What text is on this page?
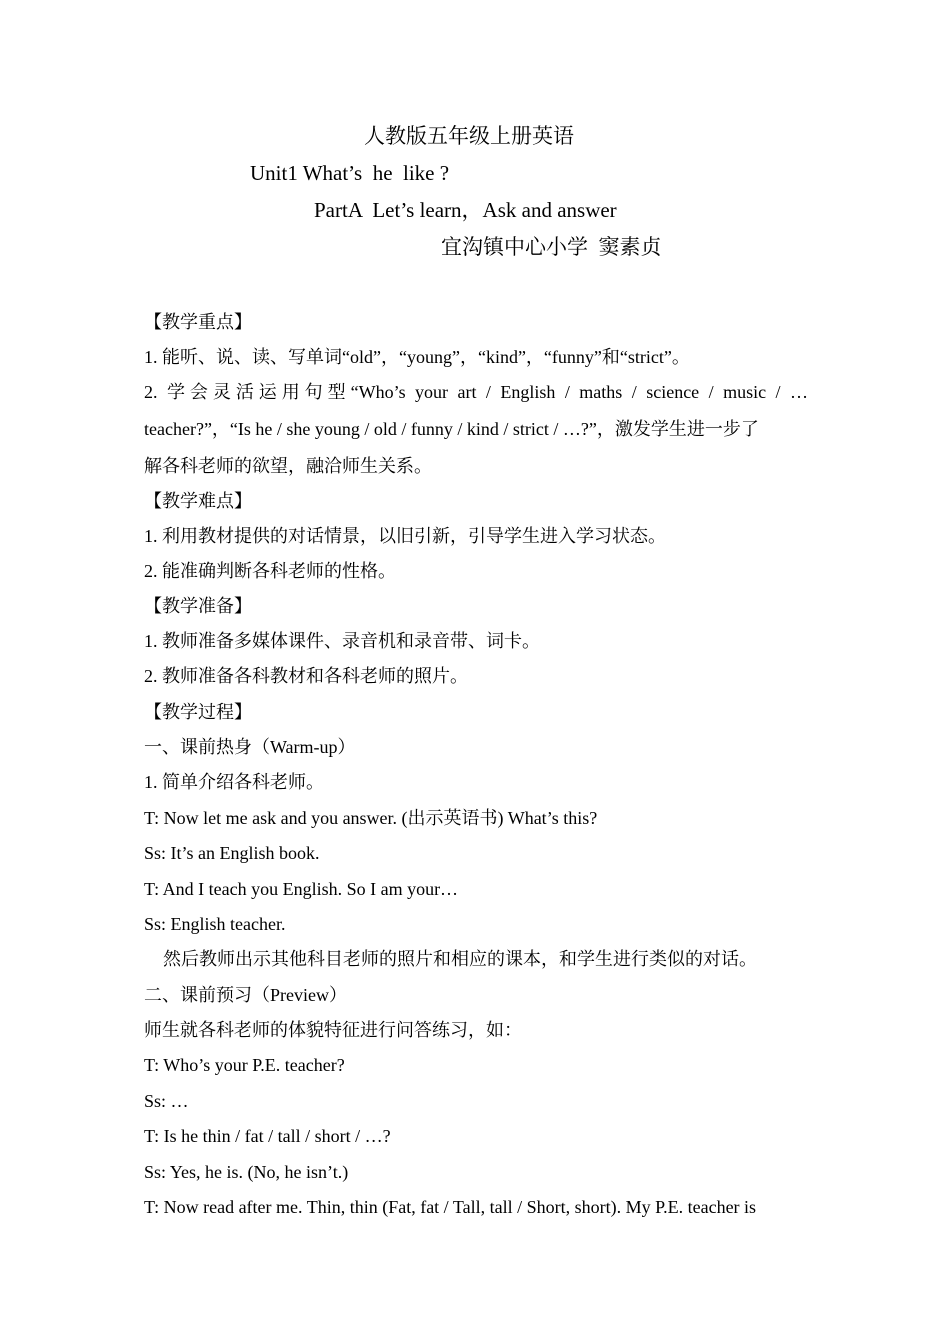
人教版五年级上册英语
Unit1 What’s  he  like ?
PartA  Let’s learn，Ask and answer
宜沟镇中心小学  窦素贞
【教学重点】
1. 能听、说、读、写单词“old”，“young”，“kind”，“funny”和“strict”。
2. 学会灵活运用句型“Who’s your art / English / maths / science / music / …
teacher?”，“Is he / she young / old / funny / kind / strict / …?”，激发学生进一步了
解各科老师的欲望，融洽师生关系。
【教学难点】
1. 利用教材提供的对话情景，以旧引新，引导学生进入学习状态。
2. 能准确判断各科老师的性格。
【教学准备】
1. 教师准备多媒体课件、录音机和录音带、词卡。
2. 教师准备各科教材和各科老师的照片。
【教学过程】
一、课前热身（Warm-up）
1. 简单介绍各科老师。
T: Now let me ask and you answer. (出示英语书) What’s this?
Ss: It’s an English book.
T: And I teach you English. So I am your…
Ss: English teacher.
然后教师出示其他科目老师的照片和相应的课本，和学生进行类似的对话。
二、课前预习（Preview）
师生就各科老师的体貌特征进行问答练习，如：
T: Who’s your P.E. teacher?
Ss: …
T: Is he thin / fat / tall / short / …?
Ss: Yes, he is. (No, he isn’t.)
T: Now read after me. Thin, thin (Fat, fat / Tall, tall / Short, short). My P.E. teacher is
